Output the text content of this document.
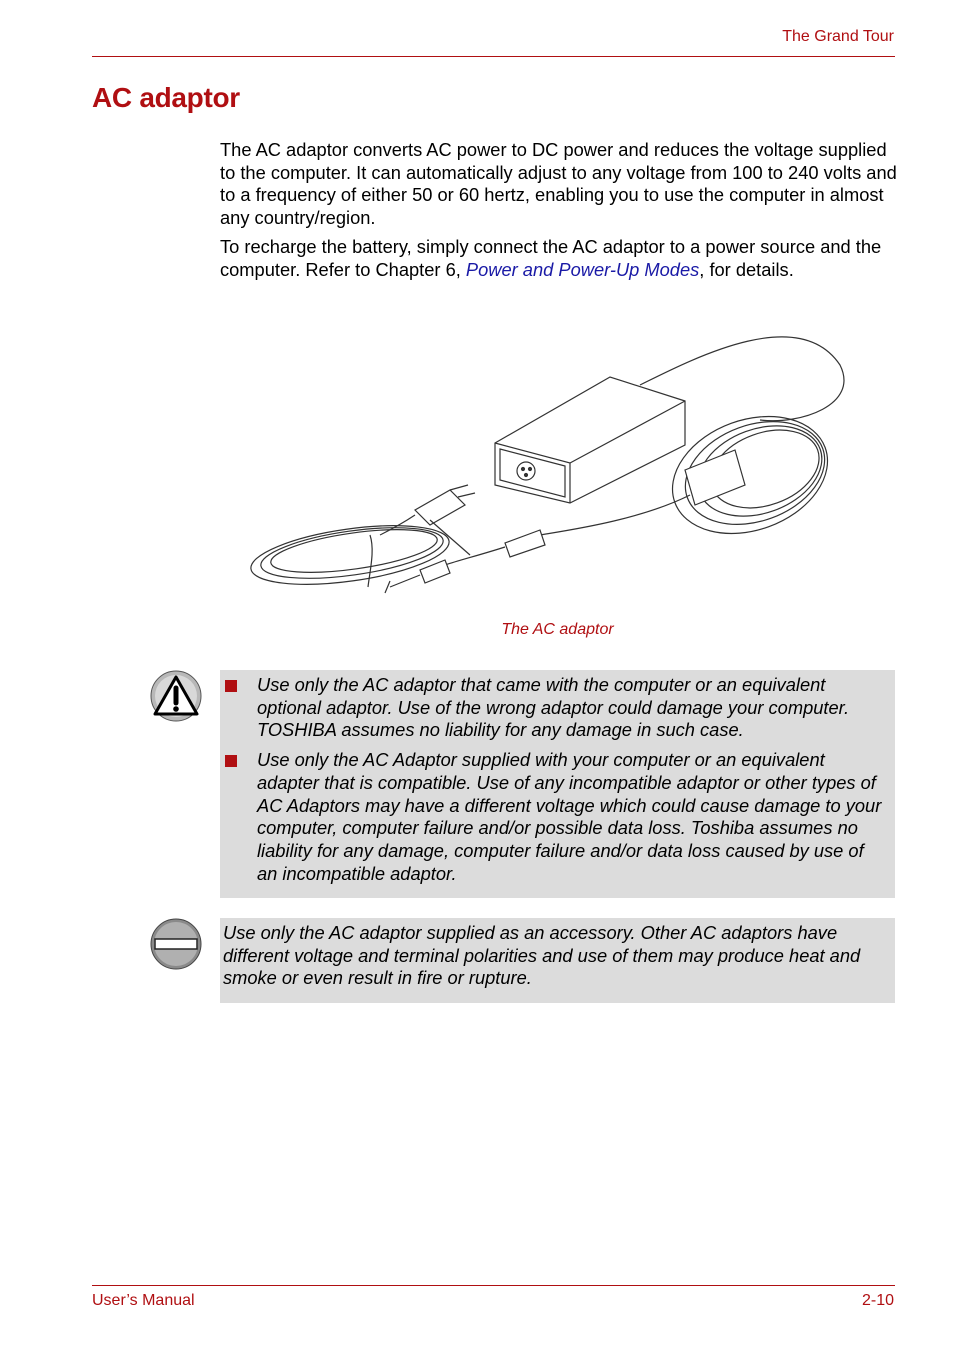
The Grand Tour
AC adaptor

The AC adaptor converts AC power to DC power and reduces the voltage supplied to the computer. It can automatically adjust to any voltage from 100 to 240 volts and to a frequency of either 50 or 60 hertz, enabling you to use the computer in almost any country/region.

To recharge the battery, simply connect the AC adaptor to a power source and the computer. Refer to Chapter 6, Power and Power-Up Modes, for details.

The AC adaptor

Use only the AC adaptor that came with the computer or an equivalent optional adaptor. Use of the wrong adaptor could damage your computer. TOSHIBA assumes no liability for any damage in such case.

Use only the AC Adaptor supplied with your computer or an equivalent adapter that is compatible. Use of any incompatible adaptor or other types of AC Adaptors may have a different voltage which could cause damage to your computer, computer failure and/or possible data loss. Toshiba assumes no liability for any damage, computer failure and/or data loss caused by use of an incompatible adaptor.

Use only the AC adaptor supplied as an accessory. Other AC adaptors have different voltage and terminal polarities and use of them may produce heat and smoke or even result in fire or rupture.

User’s Manual	2-10
